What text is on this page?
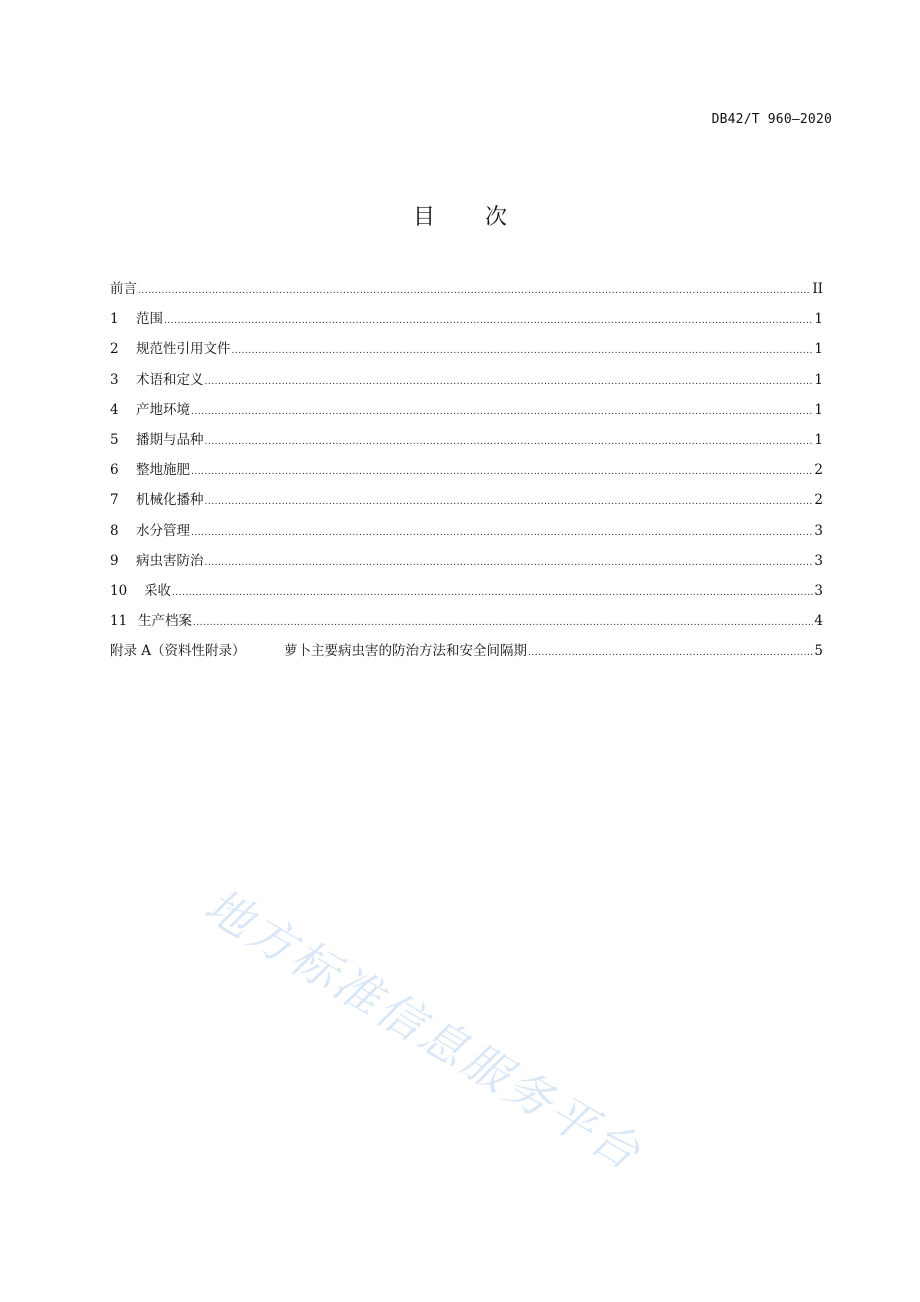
DB42/T 960—2020
目 次
前言 .....	II
1	范围 .....	1
2	规范性引用文件 .....	1
3	术语和定义 .....	1
4	产地环境 .....	1
5	播期与品种 .....	1
6	整地施肥 .....	2
7	机械化播种 .....	2
8	水分管理 .....	3
9	病虫害防治 .....	3
10	采收 .....	3
11 生产档案 .....	4
附录 A（资料性附录）	萝卜主要病虫害的防治方法和安全间隔期 .....	5
地方标准信息服务平台
